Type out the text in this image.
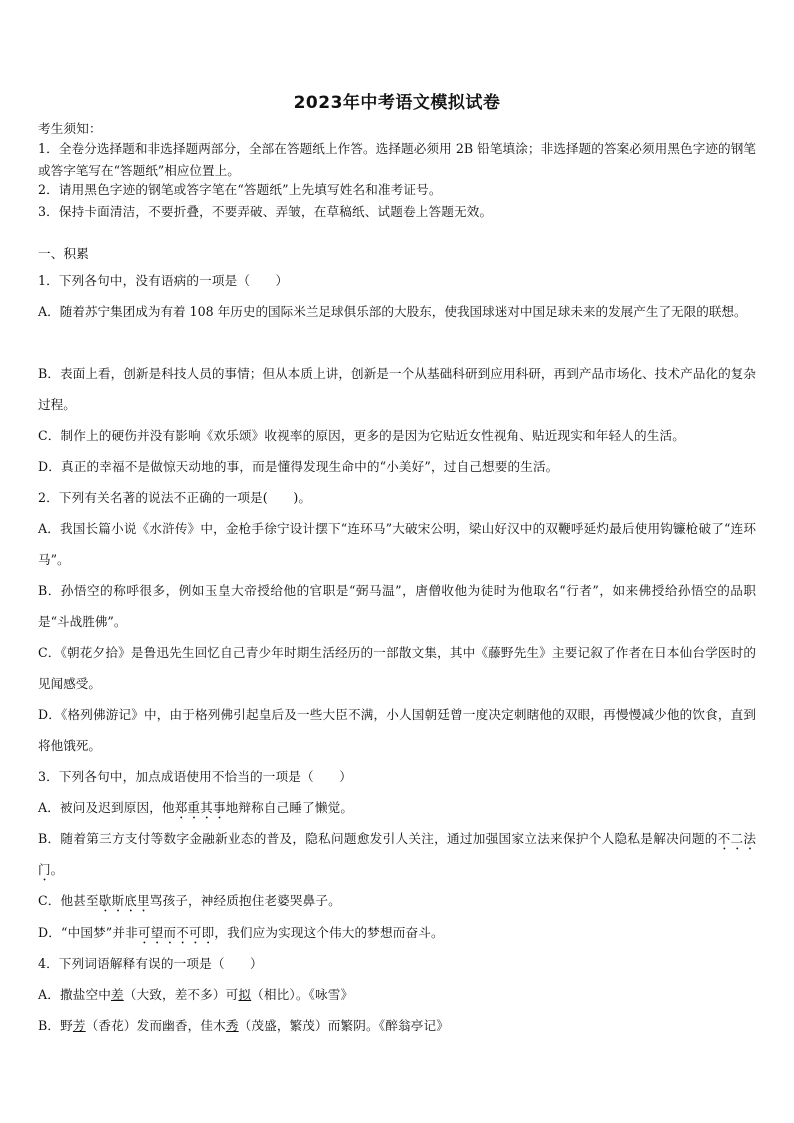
2023年中考语文模拟试卷
考生须知：
1．全卷分选择题和非选择题两部分，全部在答题纸上作答。选择题必须用 2B 铅笔填涂；非选择题的答案必须用黑色字迹的钢笔或答字笔写在“答题纸”相应位置上。
2．请用黑色字迹的钢笔或答字笔在“答题纸”上先填写姓名和准考证号。
3．保持卡面清洁，不要折叠，不要弄破、弄皱，在草稿纸、试题卷上答题无效。
一、积累
1．下列各句中，没有语病的一项是（　　）
A．随着苏宁集团成为有着 108 年历史的国际米兰足球俱乐部的大股东，使我国球迷对中国足球未来的发展产生了无限的联想。
B．表面上看，创新是科技人员的事情；但从本质上讲，创新是一个从基础科研到应用科研，再到产品市场化、技术产品化的复杂过程。
C．制作上的硬伤并没有影响《欢乐颂》收视率的原因，更多的是因为它贴近女性视角、贴近现实和年轻人的生活。
D．真正的幸福不是做惊天动地的事，而是懂得发现生命中的“小美好”，过自己想要的生活。
2．下列有关名著的说法不正确的一项是(　　)。
A．我国长篇小说《水浒传》中，金枪手徐宁设计摆下“连环马”大破宋公明，梁山好汉中的双鞭呼延灼最后使用钩镰枪破了“连环马”。
B．孙悟空的称呼很多，例如玉皇大帝授给他的官职是“弼马温”，唐僧收他为徒时为他取名“行者”，如来佛授给孙悟空的品职是“斗战胜佛”。
C．《朝花夕拾》是鲁迅先生回忆自己青少年时期生活经历的一部散文集，其中《藤野先生》主要记叙了作者在日本仙台学医时的见闻感受。
D．《格列佛游记》中，由于格列佛引起皇后及一些大臣不满，小人国朝廷曾一度决定刺瞎他的双眼，再慢慢减少他的饮食，直到将他饿死。
3．下列各句中，加点成语使用不恰当的一项是（　　）
A．被问及迟到原因，他郑重其事地辩称自己睡了懒觉。
B．随着第三方支付等数字金融新业态的普及，隐私问题愈发引人关注，通过加强国家立法来保护个人隐私是解决问题的不二法门。
C．他甚至歇斯底里骂孩子，神经质抱住老婆哭鼻子。
D．“中国梦”并非可望而不可即，我们应为实现这个伟大的梦想而奋斗。
4．下列词语解释有误的一项是（　　）
A．撒盐空中差（大致，差不多）可拟（相比）。《咏雪》
B．野芳（香花）发而幽香，佳木秀（茂盛，繁茂）而繁阴。《醉翁亭记》
